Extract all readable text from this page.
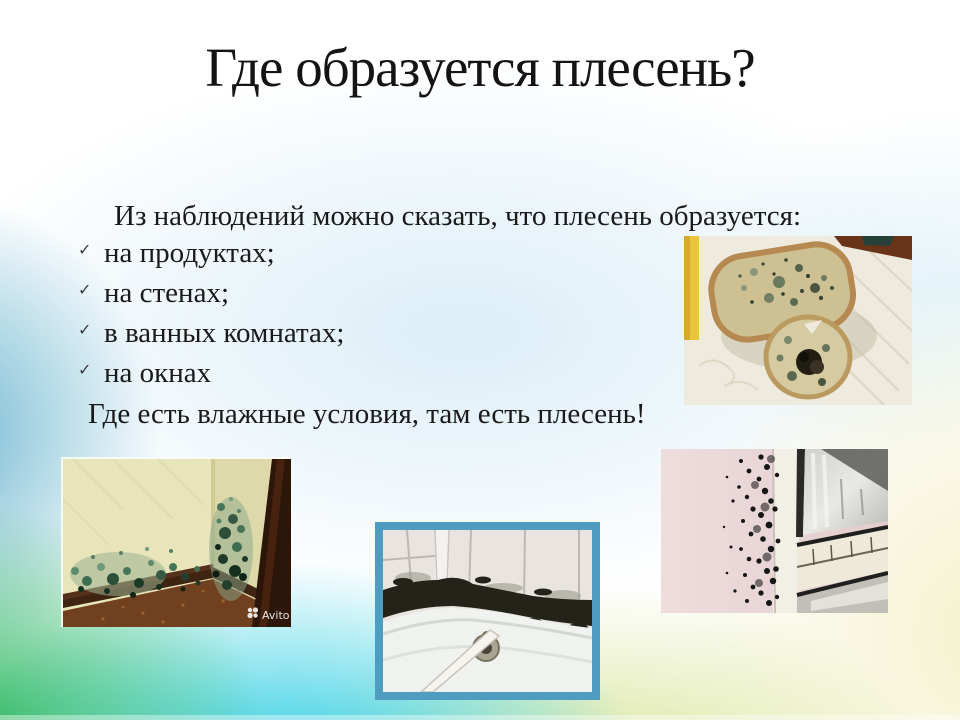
Где образуется плесень?
Из наблюдений можно сказать, что плесень образуется:
✓ на продуктах;
✓ на стенах;
✓ в ванных комнатах;
✓ на окнах
Где есть влажные условия, там есть плесень!
Avito
